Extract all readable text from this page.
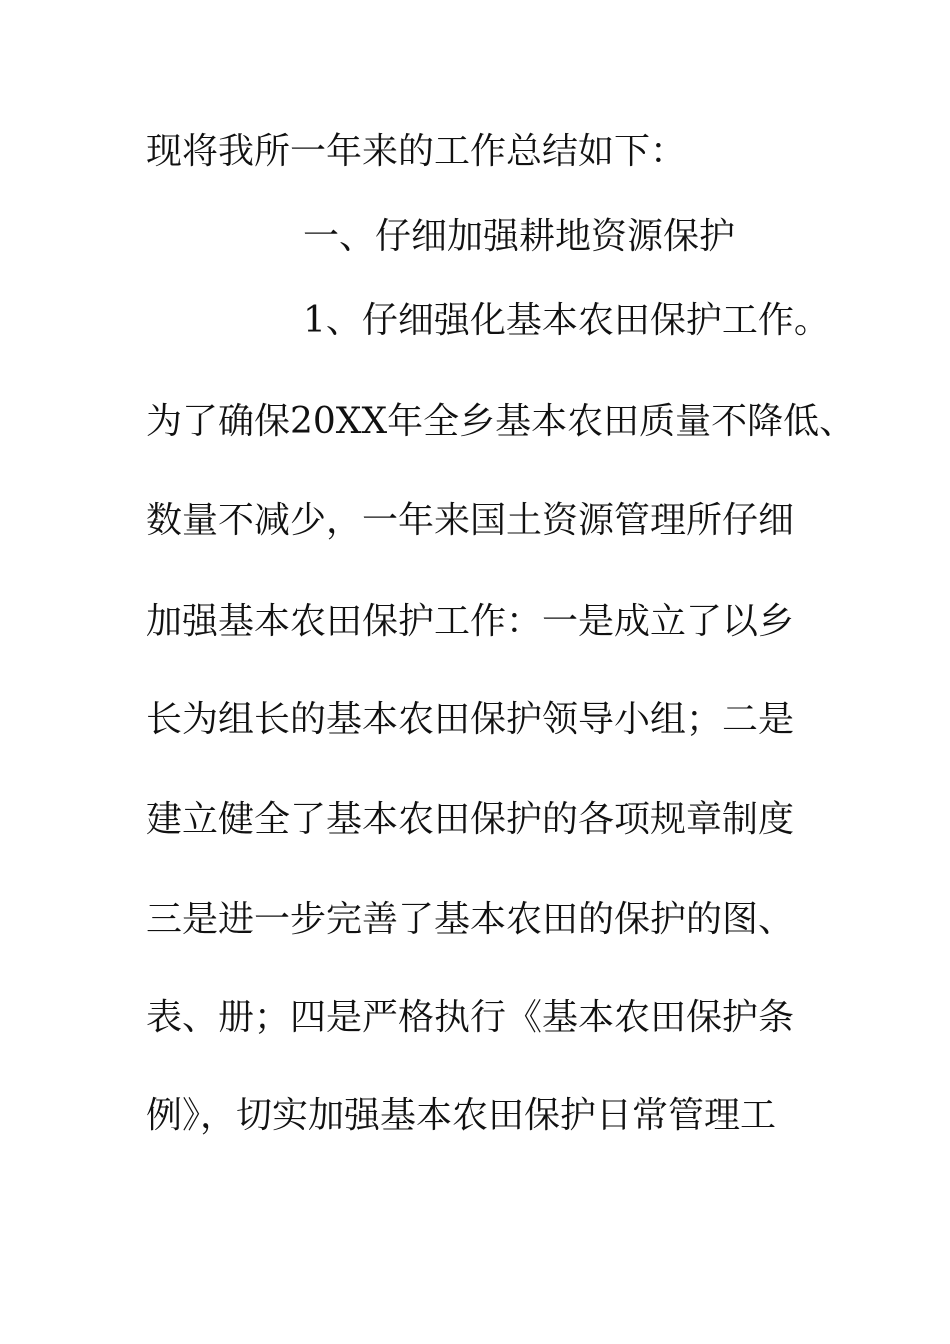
现将我所一年来的工作总结如下：
一、仔细加强耕地资源保护
1、仔细强化基本农田保护工作。
为了确保20XX年全乡基本农田质量不降低、
数量不减少，一年来国土资源管理所仔细
加强基本农田保护工作：一是成立了以乡
长为组长的基本农田保护领导小组；二是
建立健全了基本农田保护的各项规章制度
三是进一步完善了基本农田的保护的图、
表、册；四是严格执行《基本农田保护条
例》，切实加强基本农田保护日常管理工
